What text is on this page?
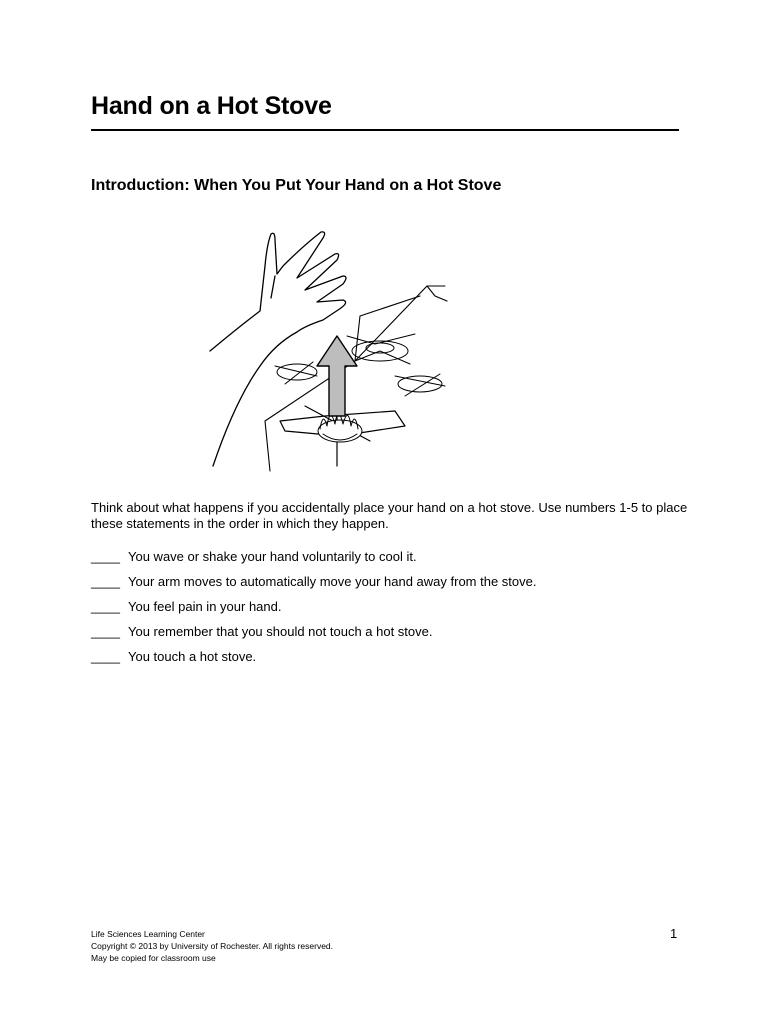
Hand on a Hot Stove
Introduction: When You Put Your Hand on a Hot Stove

Think about what happens if you accidentally place your hand on a hot stove. Use numbers 1-5 to place these statements in the order in which they happen.

____ You wave or shake your hand voluntarily to cool it.
____ Your arm moves to automatically move your hand away from the stove.
____ You feel pain in your hand.
____ You remember that you should not touch a hot stove.
____ You touch a hot stove.
Life Sciences Learning Center
Copyright © 2013 by University of Rochester. All rights reserved.
May be copied for classroom use
1
